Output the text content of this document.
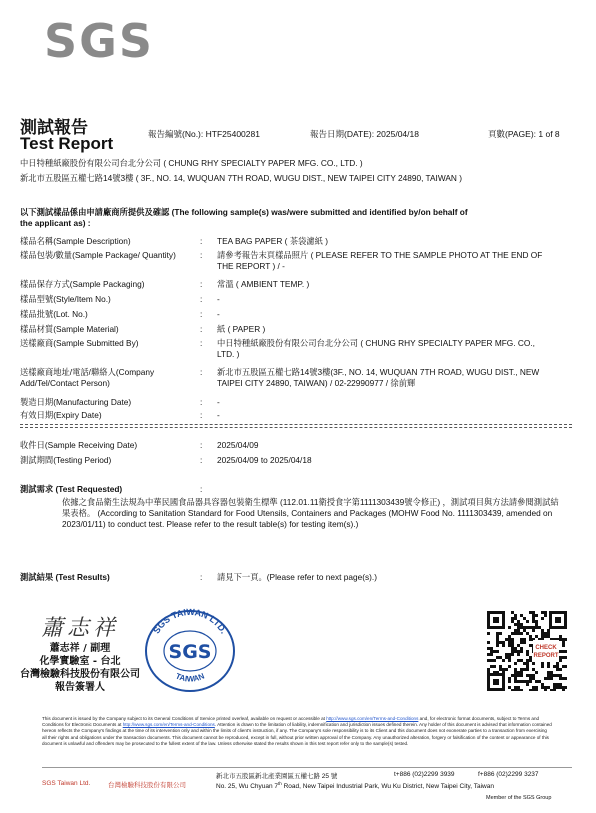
SGS
測試報告
Test Report	報告編號(No.): HTF25400281	報告日期(DATE): 2025/04/18	頁數(PAGE): 1 of 8
中日特種紙廠股份有限公司台北分公司 ( CHUNG RHY SPECIALTY PAPER MFG. CO., LTD. )
新北市五股區五權七路14號3樓 ( 3F., NO. 14, WUQUAN 7TH ROAD, WUGU DIST., NEW TAIPEI CITY 24890, TAIWAN )
以下測試樣品係由申請廠商所提供及確認 (The following sample(s) was/were submitted and identified by/on behalf of
the applicant as) :
樣品名稱(Sample Description)	: TEA BAG PAPER ( 茶袋濾紙 )
樣品包裝/數量(Sample Package/ Quantity)	: 請參考報告末頁樣品照片 ( PLEASE REFER TO THE SAMPLE PHOTO AT THE END OF THE REPORT ) / -
樣品保存方式(Sample Packaging)	: 常溫 ( AMBIENT TEMP. )
樣品型號(Style/Item No.)	: -
樣品批號(Lot. No.)	: -
樣品材質(Sample Material)	: 紙 ( PAPER )
送樣廠商(Sample Submitted By)	: 中日特種紙廠股份有限公司台北分公司 ( CHUNG RHY SPECIALTY PAPER MFG. CO., LTD. )
送樣廠商地址/電話/聯絡人(Company Add/Tel/Contact Person)
: 新北市五股區五權七路14號3樓(3F., NO. 14, WUQUAN 7TH ROAD, WUGU DIST., NEW TAIPEI CITY 24890, TAIWAN) / 02-22990977 / 徐前輝
製造日期(Manufacturing Date)	: -
有效日期(Expiry Date)	: -
收件日(Sample Receiving Date)	: 2025/04/09
測試期間(Testing Period)	: 2025/04/09 to 2025/04/18
測試需求 (Test Requested)	:
依據之食品衛生法規為中華民國食品器具容器包裝衛生標準 (112.01.11衛授食字第1111303439號令修正) ，測試項目與方法請參閱測試結果表格。 (According to Sanitation Standard for Food Utensils, Containers and Packages (MOHW Food No. 1111303439, amended on 2023/01/11) to conduct test. Please refer to the result table(s) for testing item(s).)
測試結果 (Test Results)	: 請見下一頁。(Please refer to next page(s).)
蕭志祥
蕭志祥 / 副理
化學實驗室 - 台北
台灣檢驗科技股份有限公司
報告簽署人
SGS TAIWAN LTD.
SGS
TAIWAN
CHECK
REPORT
This document is issued by the Company subject to its General Conditions of Service printed overleaf, available on request or accessible at http://www.sgs.com/en/Terms-and-Conditions and, for electronic format documents, subject to Terms and Conditions for Electronic Documents at http://www.sgs.com/en/Terms-and-Conditions. Attention is drawn to the limitation of liability, indemnification and jurisdiction issues defined therein. Any holder of this document is advised that information contained hereon reflects the Company's findings at the time of its intervention only and within the limits of client's instruction, if any. The Company's sole responsibility is to its Client and this document does not exonerate parties to a transaction from exercising all their rights and obligations under the transaction documents. This document cannot be reproduced, except in full, without prior written approval of the Company. Any unauthorized alteration, forgery or falsification of the content or appearance of this document is unlawful and offenders may be prosecuted to the fullest extent of the law. Unless otherwise stated the results shown in this test report refer only to the sample(s) tested.
SGS Taiwan Ltd.	台灣檢驗科技股份有限公司
新北市五股區新北產業園區五權七路 25 號	t+886 (02)2299 3939	f+886 (02)2299 3237
No. 25, Wu Chyuan 7th Road, New Taipei Industrial Park, Wu Ku District, New Taipei City, Taiwan
Member of the SGS Group
